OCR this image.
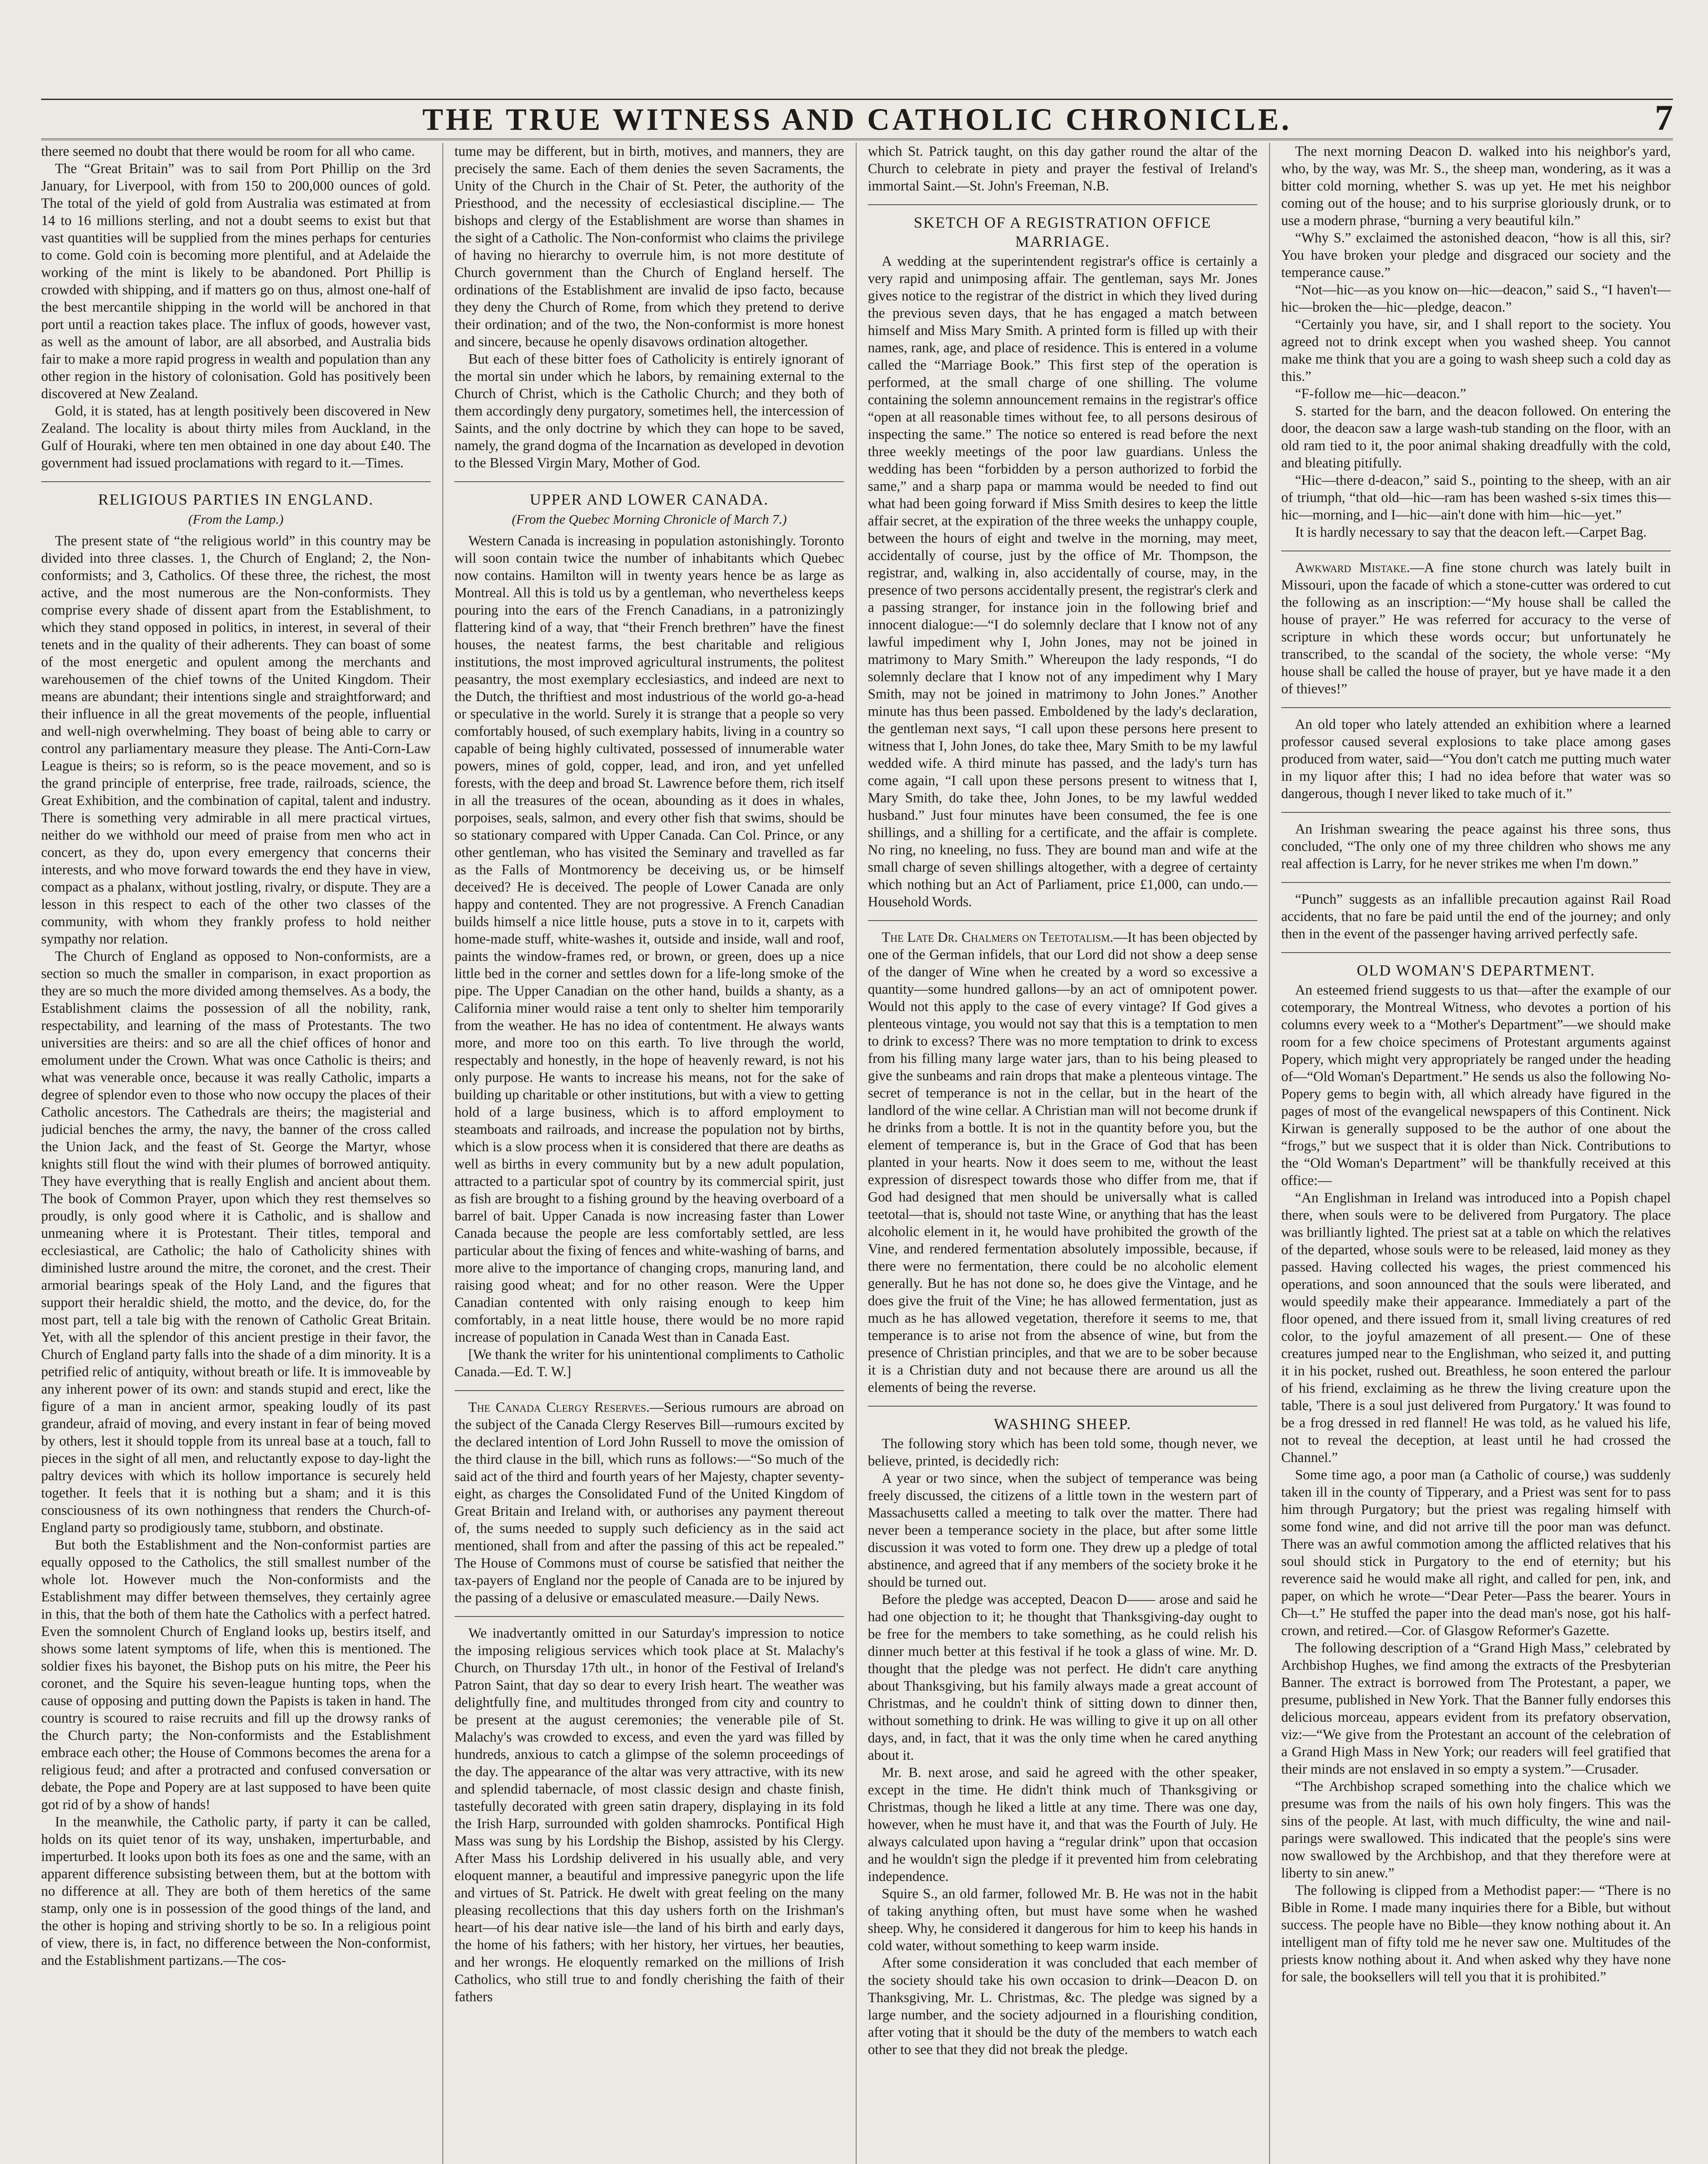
THE TRUE WITNESS AND CATHOLIC CHRONICLE.	7

there seemed no doubt that there would be room for all who came.

The “Great Britain” was to sail from Port Phillip on the 3rd January, for Liverpool, with from 150 to 200,000 ounces of gold. The total of the yield of gold from Australia was estimated at from 14 to 16 millions sterling, and not a doubt seems to exist but that vast quantities will be supplied from the mines perhaps for centuries to come. Gold coin is becoming more plentiful, and at Adelaide the working of the mint is likely to be abandoned. Port Phillip is crowded with shipping, and if matters go on thus, almost one-half of the best mercantile shipping in the world will be anchored in that port until a reaction takes place. The influx of goods, however vast, as well as the amount of labor, are all absorbed, and Australia bids fair to make a more rapid progress in wealth and population than any other region in the history of colonisation. Gold has positively been discovered at New Zealand.

Gold, it is stated, has at length positively been discovered in New Zealand. The locality is about thirty miles from Auckland, in the Gulf of Houraki, where ten men obtained in one day about £40. The government had issued proclamations with regard to it.—Times.

RELIGIOUS PARTIES IN ENGLAND.
(From the Lamp.)

The present state of “the religious world” in this country may be divided into three classes. 1, the Church of England; 2, the Non-conformists; and 3, Catholics. Of these three, the richest, the most active, and the most numerous are the Non-conformists. They comprise every shade of dissent apart from the Establishment, to which they stand opposed in politics, in interest, in several of their tenets and in the quality of their adherents. They can boast of some of the most energetic and opulent among the merchants and warehousemen of the chief towns of the United Kingdom. Their means are abundant; their intentions single and straightforward; and their influence in all the great movements of the people, influential and well-nigh overwhelming. They boast of being able to carry or control any parliamentary measure they please. The Anti-Corn-Law League is theirs; so is reform, so is the peace movement, and so is the grand principle of enterprise, free trade, railroads, science, the Great Exhibition, and the combination of capital, talent and industry. There is something very admirable in all mere practical virtues, neither do we withhold our meed of praise from men who act in concert, as they do, upon every emergency that concerns their interests, and who move forward towards the end they have in view, compact as a phalanx, without jostling, rivalry, or dispute. They are a lesson in this respect to each of the other two classes of the community, with whom they frankly profess to hold neither sympathy nor relation.

The Church of England as opposed to Non-conformists, are a section so much the smaller in comparison, in exact proportion as they are so much the more divided among themselves. As a body, the Establishment claims the possession of all the nobility, rank, respectability, and learning of the mass of Protestants. The two universities are theirs: and so are all the chief offices of honor and emolument under the Crown. What was once Catholic is theirs; and what was venerable once, because it was really Catholic, imparts a degree of splendor even to those who now occupy the places of their Catholic ancestors. The Cathedrals are theirs; the magisterial and judicial benches the army, the navy, the banner of the cross called the Union Jack, and the feast of St. George the Martyr, whose knights still flout the wind with their plumes of borrowed antiquity. They have everything that is really English and ancient about them. The book of Common Prayer, upon which they rest themselves so proudly, is only good where it is Catholic, and is shallow and unmeaning where it is Protestant. Their titles, temporal and ecclesiastical, are Catholic; the halo of Catholicity shines with diminished lustre around the mitre, the coronet, and the crest. Their armorial bearings speak of the Holy Land, and the figures that support their heraldic shield, the motto, and the device, do, for the most part, tell a tale big with the renown of Catholic Great Britain. Yet, with all the splendor of this ancient prestige in their favor, the Church of England party falls into the shade of a dim minority. It is a petrified relic of antiquity, without breath or life. It is immoveable by any inherent power of its own: and stands stupid and erect, like the figure of a man in ancient armor, speaking loudly of its past grandeur, afraid of moving, and every instant in fear of being moved by others, lest it should topple from its unreal base at a touch, fall to pieces in the sight of all men, and reluctantly expose to day-light the paltry devices with which its hollow importance is securely held together. It feels that it is nothing but a sham; and it is this consciousness of its own nothingness that renders the Church-of-England party so prodigiously tame, stubborn, and obstinate.

But both the Establishment and the Non-conformist parties are equally opposed to the Catholics, the still smallest number of the whole lot. However much the Non-conformists and the Establishment may differ between themselves, they certainly agree in this, that the both of them hate the Catholics with a perfect hatred. Even the somnolent Church of England looks up, bestirs itself, and shows some latent symptoms of life, when this is mentioned. The soldier fixes his bayonet, the Bishop puts on his mitre, the Peer his coronet, and the Squire his seven-league hunting tops, when the cause of opposing and putting down the Papists is taken in hand. The country is scoured to raise recruits and fill up the drowsy ranks of the Church party; the Non-conformists and the Establishment embrace each other; the House of Commons becomes the arena for a religious feud; and after a protracted and confused conversation or debate, the Pope and Popery are at last supposed to have been quite got rid of by a show of hands!

In the meanwhile, the Catholic party, if party it can be called, holds on its quiet tenor of its way, unshaken, imperturbable, and imperturbed. It looks upon both its foes as one and the same, with an apparent difference subsisting between them, but at the bottom with no difference at all. They are both of them heretics of the same stamp, only one is in possession of the good things of the land, and the other is hoping and striving shortly to be so. In a religious point of view, there is, in fact, no difference between the Non-conformist, and the Establishment partizans.—The cos-

tume may be different, but in birth, motives, and manners, they are precisely the same. Each of them denies the seven Sacraments, the Unity of the Church in the Chair of St. Peter, the authority of the Priesthood, and the necessity of ecclesiastical discipline.— The bishops and clergy of the Establishment are worse than shames in the sight of a Catholic. The Non-conformist who claims the privilege of having no hierarchy to overrule him, is not more destitute of Church government than the Church of England herself. The ordinations of the Establishment are invalid de ipso facto, because they deny the Church of Rome, from which they pretend to derive their ordination; and of the two, the Non-conformist is more honest and sincere, because he openly disavows ordination altogether.

But each of these bitter foes of Catholicity is entirely ignorant of the mortal sin under which he labors, by remaining external to the Church of Christ, which is the Catholic Church; and they both of them accordingly deny purgatory, sometimes hell, the intercession of Saints, and the only doctrine by which they can hope to be saved, namely, the grand dogma of the Incarnation as developed in devotion to the Blessed Virgin Mary, Mother of God.

UPPER AND LOWER CANADA.
(From the Quebec Morning Chronicle of March 7.)

Western Canada is increasing in population astonishingly. Toronto will soon contain twice the number of inhabitants which Quebec now contains. Hamilton will in twenty years hence be as large as Montreal. All this is told us by a gentleman, who nevertheless keeps pouring into the ears of the French Canadians, in a patronizingly flattering kind of a way, that “their French brethren” have the finest houses, the neatest farms, the best charitable and religious institutions, the most improved agricultural instruments, the politest peasantry, the most exemplary ecclesiastics, and indeed are next to the Dutch, the thriftiest and most industrious of the world go-a-head or speculative in the world. Surely it is strange that a people so very comfortably housed, of such exemplary habits, living in a country so capable of being highly cultivated, possessed of innumerable water powers, mines of gold, copper, lead, and iron, and yet unfelled forests, with the deep and broad St. Lawrence before them, rich itself in all the treasures of the ocean, abounding as it does in whales, porpoises, seals, salmon, and every other fish that swims, should be so stationary compared with Upper Canada. Can Col. Prince, or any other gentleman, who has visited the Seminary and travelled as far as the Falls of Montmorency be deceiving us, or be himself deceived? He is deceived. The people of Lower Canada are only happy and contented. They are not progressive. A French Canadian builds himself a nice little house, puts a stove in to it, carpets with home-made stuff, white-washes it, outside and inside, wall and roof, paints the window-frames red, or brown, or green, does up a nice little bed in the corner and settles down for a life-long smoke of the pipe. The Upper Canadian on the other hand, builds a shanty, as a California miner would raise a tent only to shelter him temporarily from the weather. He has no idea of contentment. He always wants more, and more too on this earth. To live through the world, respectably and honestly, in the hope of heavenly reward, is not his only purpose. He wants to increase his means, not for the sake of building up charitable or other institutions, but with a view to getting hold of a large business, which is to afford employment to steamboats and railroads, and increase the population not by births, which is a slow process when it is considered that there are deaths as well as births in every community but by a new adult population, attracted to a particular spot of country by its commercial spirit, just as fish are brought to a fishing ground by the heaving overboard of a barrel of bait. Upper Canada is now increasing faster than Lower Canada because the people are less comfortably settled, are less particular about the fixing of fences and white-washing of barns, and more alive to the importance of changing crops, manuring land, and raising good wheat; and for no other reason. Were the Upper Canadian contented with only raising enough to keep him comfortably, in a neat little house, there would be no more rapid increase of population in Canada West than in Canada East.

[We thank the writer for his unintentional compliments to Catholic Canada.—Ed. T. W.]

The Canada Clergy Reserves.—Serious rumours are abroad on the subject of the Canada Clergy Reserves Bill—rumours excited by the declared intention of Lord John Russell to move the omission of the third clause in the bill, which runs as follows:—“So much of the said act of the third and fourth years of her Majesty, chapter seventy-eight, as charges the Consolidated Fund of the United Kingdom of Great Britain and Ireland with, or authorises any payment thereout of, the sums needed to supply such deficiency as in the said act mentioned, shall from and after the passing of this act be repealed.” The House of Commons must of course be satisfied that neither the tax-payers of England nor the people of Canada are to be injured by the passing of a delusive or emasculated measure.—Daily News.

We inadvertantly omitted in our Saturday's impression to notice the imposing religious services which took place at St. Malachy's Church, on Thursday 17th ult., in honor of the Festival of Ireland's Patron Saint, that day so dear to every Irish heart. The weather was delightfully fine, and multitudes thronged from city and country to be present at the august ceremonies; the venerable pile of St. Malachy's was crowded to excess, and even the yard was filled by hundreds, anxious to catch a glimpse of the solemn proceedings of the day. The appearance of the altar was very attractive, with its new and splendid tabernacle, of most classic design and chaste finish, tastefully decorated with green satin drapery, displaying in its fold the Irish Harp, surrounded with golden shamrocks. Pontifical High Mass was sung by his Lordship the Bishop, assisted by his Clergy. After Mass his Lordship delivered in his usually able, and very eloquent manner, a beautiful and impressive panegyric upon the life and virtues of St. Patrick. He dwelt with great feeling on the many pleasing recollections that this day ushers forth on the Irishman's heart—of his dear native isle—the land of his birth and early days, the home of his fathers; with her history, her virtues, her beauties, and her wrongs. He eloquently remarked on the millions of Irish Catholics, who still true to and fondly cherishing the faith of their fathers

which St. Patrick taught, on this day gather round the altar of the Church to celebrate in piety and prayer the festival of Ireland's immortal Saint.—St. John's Freeman, N.B.

SKETCH OF A REGISTRATION OFFICE MARRIAGE.

A wedding at the superintendent registrar's office is certainly a very rapid and unimposing affair. The gentleman, says Mr. Jones gives notice to the registrar of the district in which they lived during the previous seven days, that he has engaged a match between himself and Miss Mary Smith. A printed form is filled up with their names, rank, age, and place of residence. This is entered in a volume called the “Marriage Book.” This first step of the operation is performed, at the small charge of one shilling. The volume containing the solemn announcement remains in the registrar's office “open at all reasonable times without fee, to all persons desirous of inspecting the same.” The notice so entered is read before the next three weekly meetings of the poor law guardians. Unless the wedding has been “forbidden by a person authorized to forbid the same,” and a sharp papa or mamma would be needed to find out what had been going forward if Miss Smith desires to keep the little affair secret, at the expiration of the three weeks the unhappy couple, between the hours of eight and twelve in the morning, may meet, accidentally of course, just by the office of Mr. Thompson, the registrar, and, walking in, also accidentally of course, may, in the presence of two persons accidentally present, the registrar's clerk and a passing stranger, for instance join in the following brief and innocent dialogue:—“I do solemnly declare that I know not of any lawful impediment why I, John Jones, may not be joined in matrimony to Mary Smith.” Whereupon the lady responds, “I do solemnly declare that I know not of any impediment why I Mary Smith, may not be joined in matrimony to John Jones.” Another minute has thus been passed. Emboldened by the lady's declaration, the gentleman next says, “I call upon these persons here present to witness that I, John Jones, do take thee, Mary Smith to be my lawful wedded wife. A third minute has passed, and the lady's turn has come again, “I call upon these persons present to witness that I, Mary Smith, do take thee, John Jones, to be my lawful wedded husband.” Just four minutes have been consumed, the fee is one shillings, and a shilling for a certificate, and the affair is complete. No ring, no kneeling, no fuss. They are bound man and wife at the small charge of seven shillings altogether, with a degree of certainty which nothing but an Act of Parliament, price £1,000, can undo.—Household Words.

The Late Dr. Chalmers on Teetotalism.—It has been objected by one of the German infidels, that our Lord did not show a deep sense of the danger of Wine when he created by a word so excessive a quantity—some hundred gallons—by an act of omnipotent power. Would not this apply to the case of every vintage? If God gives a plenteous vintage, you would not say that this is a temptation to men to drink to excess? There was no more temptation to drink to excess from his filling many large water jars, than to his being pleased to give the sunbeams and rain drops that make a plenteous vintage. The secret of temperance is not in the cellar, but in the heart of the landlord of the wine cellar. A Christian man will not become drunk if he drinks from a bottle. It is not in the quantity before you, but the element of temperance is, but in the Grace of God that has been planted in your hearts. Now it does seem to me, without the least expression of disrespect towards those who differ from me, that if God had designed that men should be universally what is called teetotal—that is, should not taste Wine, or anything that has the least alcoholic element in it, he would have prohibited the growth of the Vine, and rendered fermentation absolutely impossible, because, if there were no fermentation, there could be no alcoholic element generally. But he has not done so, he does give the Vintage, and he does give the fruit of the Vine; he has allowed fermentation, just as much as he has allowed vegetation, therefore it seems to me, that temperance is to arise not from the absence of wine, but from the presence of Christian principles, and that we are to be sober because it is a Christian duty and not because there are around us all the elements of being the reverse.

WASHING SHEEP.

The following story which has been told some, though never, we believe, printed, is decidedly rich:

A year or two since, when the subject of temperance was being freely discussed, the citizens of a little town in the western part of Massachusetts called a meeting to talk over the matter. There had never been a temperance society in the place, but after some little discussion it was voted to form one. They drew up a pledge of total abstinence, and agreed that if any members of the society broke it he should be turned out.

Before the pledge was accepted, Deacon D—— arose and said he had one objection to it; he thought that Thanksgiving-day ought to be free for the members to take something, as he could relish his dinner much better at this festival if he took a glass of wine. Mr. D. thought that the pledge was not perfect. He didn't care anything about Thanksgiving, but his family always made a great account of Christmas, and he couldn't think of sitting down to dinner then, without something to drink. He was willing to give it up on all other days, and, in fact, that it was the only time when he cared anything about it.

Mr. B. next arose, and said he agreed with the other speaker, except in the time. He didn't think much of Thanksgiving or Christmas, though he liked a little at any time. There was one day, however, when he must have it, and that was the Fourth of July. He always calculated upon having a “regular drink” upon that occasion and he wouldn't sign the pledge if it prevented him from celebrating independence.

Squire S., an old farmer, followed Mr. B. He was not in the habit of taking anything often, but must have some when he washed sheep. Why, he considered it dangerous for him to keep his hands in cold water, without something to keep warm inside.

After some consideration it was concluded that each member of the society should take his own occasion to drink—Deacon D. on Thanksgiving, Mr. L. Christmas, &c. The pledge was signed by a large number, and the society adjourned in a flourishing condition, after voting that it should be the duty of the members to watch each other to see that they did not break the pledge.

The next morning Deacon D. walked into his neighbor's yard, who, by the way, was Mr. S., the sheep man, wondering, as it was a bitter cold morning, whether S. was up yet. He met his neighbor coming out of the house; and to his surprise gloriously drunk, or to use a modern phrase, “burning a very beautiful kiln.”

“Why S.” exclaimed the astonished deacon, “how is all this, sir? You have broken your pledge and disgraced our society and the temperance cause.”

“Not—hic—as you know on—hic—deacon,” said S., “I haven't—hic—broken the—hic—pledge, deacon.”

“Certainly you have, sir, and I shall report to the society. You agreed not to drink except when you washed sheep. You cannot make me think that you are a going to wash sheep such a cold day as this.”

“F-follow me—hic—deacon.”

S. started for the barn, and the deacon followed. On entering the door, the deacon saw a large wash-tub standing on the floor, with an old ram tied to it, the poor animal shaking dreadfully with the cold, and bleating pitifully.

“Hic—there d-deacon,” said S., pointing to the sheep, with an air of triumph, “that old—hic—ram has been washed s-six times this—hic—morning, and I—hic—ain't done with him—hic—yet.”

It is hardly necessary to say that the deacon left.—Carpet Bag.

Awkward Mistake.—A fine stone church was lately built in Missouri, upon the facade of which a stone-cutter was ordered to cut the following as an inscription:—“My house shall be called the house of prayer.” He was referred for accuracy to the verse of scripture in which these words occur; but unfortunately he transcribed, to the scandal of the society, the whole verse: “My house shall be called the house of prayer, but ye have made it a den of thieves!”

An old toper who lately attended an exhibition where a learned professor caused several explosions to take place among gases produced from water, said—“You don't catch me putting much water in my liquor after this; I had no idea before that water was so dangerous, though I never liked to take much of it.”

An Irishman swearing the peace against his three sons, thus concluded, “The only one of my three children who shows me any real affection is Larry, for he never strikes me when I'm down.”

“Punch” suggests as an infallible precaution against Rail Road accidents, that no fare be paid until the end of the journey; and only then in the event of the passenger having arrived perfectly safe.

OLD WOMAN'S DEPARTMENT.

An esteemed friend suggests to us that—after the example of our cotemporary, the Montreal Witness, who devotes a portion of his columns every week to a “Mother's Department”—we should make room for a few choice specimens of Protestant arguments against Popery, which might very appropriately be ranged under the heading of—“Old Woman's Department.” He sends us also the following No-Popery gems to begin with, all which already have figured in the pages of most of the evangelical newspapers of this Continent. Nick Kirwan is generally supposed to be the author of one about the “frogs,” but we suspect that it is older than Nick. Contributions to the “Old Woman's Department” will be thankfully received at this office:—

“An Englishman in Ireland was introduced into a Popish chapel there, when souls were to be delivered from Purgatory. The place was brilliantly lighted. The priest sat at a table on which the relatives of the departed, whose souls were to be released, laid money as they passed. Having collected his wages, the priest commenced his operations, and soon announced that the souls were liberated, and would speedily make their appearance. Immediately a part of the floor opened, and there issued from it, small living creatures of red color, to the joyful amazement of all present.— One of these creatures jumped near to the Englishman, who seized it, and putting it in his pocket, rushed out. Breathless, he soon entered the parlour of his friend, exclaiming as he threw the living creature upon the table, 'There is a soul just delivered from Purgatory.' It was found to be a frog dressed in red flannel! He was told, as he valued his life, not to reveal the deception, at least until he had crossed the Channel.”

Some time ago, a poor man (a Catholic of course,) was suddenly taken ill in the county of Tipperary, and a Priest was sent for to pass him through Purgatory; but the priest was regaling himself with some fond wine, and did not arrive till the poor man was defunct. There was an awful commotion among the afflicted relatives that his soul should stick in Purgatory to the end of eternity; but his reverence said he would make all right, and called for pen, ink, and paper, on which he wrote—“Dear Peter—Pass the bearer. Yours in Ch—t.” He stuffed the paper into the dead man's nose, got his half-crown, and retired.—Cor. of Glasgow Reformer's Gazette.

The following description of a “Grand High Mass,” celebrated by Archbishop Hughes, we find among the extracts of the Presbyterian Banner. The extract is borrowed from The Protestant, a paper, we presume, published in New York. That the Banner fully endorses this delicious morceau, appears evident from its prefatory observation, viz:—“We give from the Protestant an account of the celebration of a Grand High Mass in New York; our readers will feel gratified that their minds are not enslaved in so empty a system.”—Crusader.

“The Archbishop scraped something into the chalice which we presume was from the nails of his own holy fingers. This was the sins of the people. At last, with much difficulty, the wine and nail-parings were swallowed. This indicated that the people's sins were now swallowed by the Archbishop, and that they therefore were at liberty to sin anew.”

The following is clipped from a Methodist paper:— “There is no Bible in Rome. I made many inquiries there for a Bible, but without success. The people have no Bible—they know nothing about it. An intelligent man of fifty told me he never saw one. Multitudes of the priests know nothing about it. And when asked why they have none for sale, the booksellers will tell you that it is prohibited.”
